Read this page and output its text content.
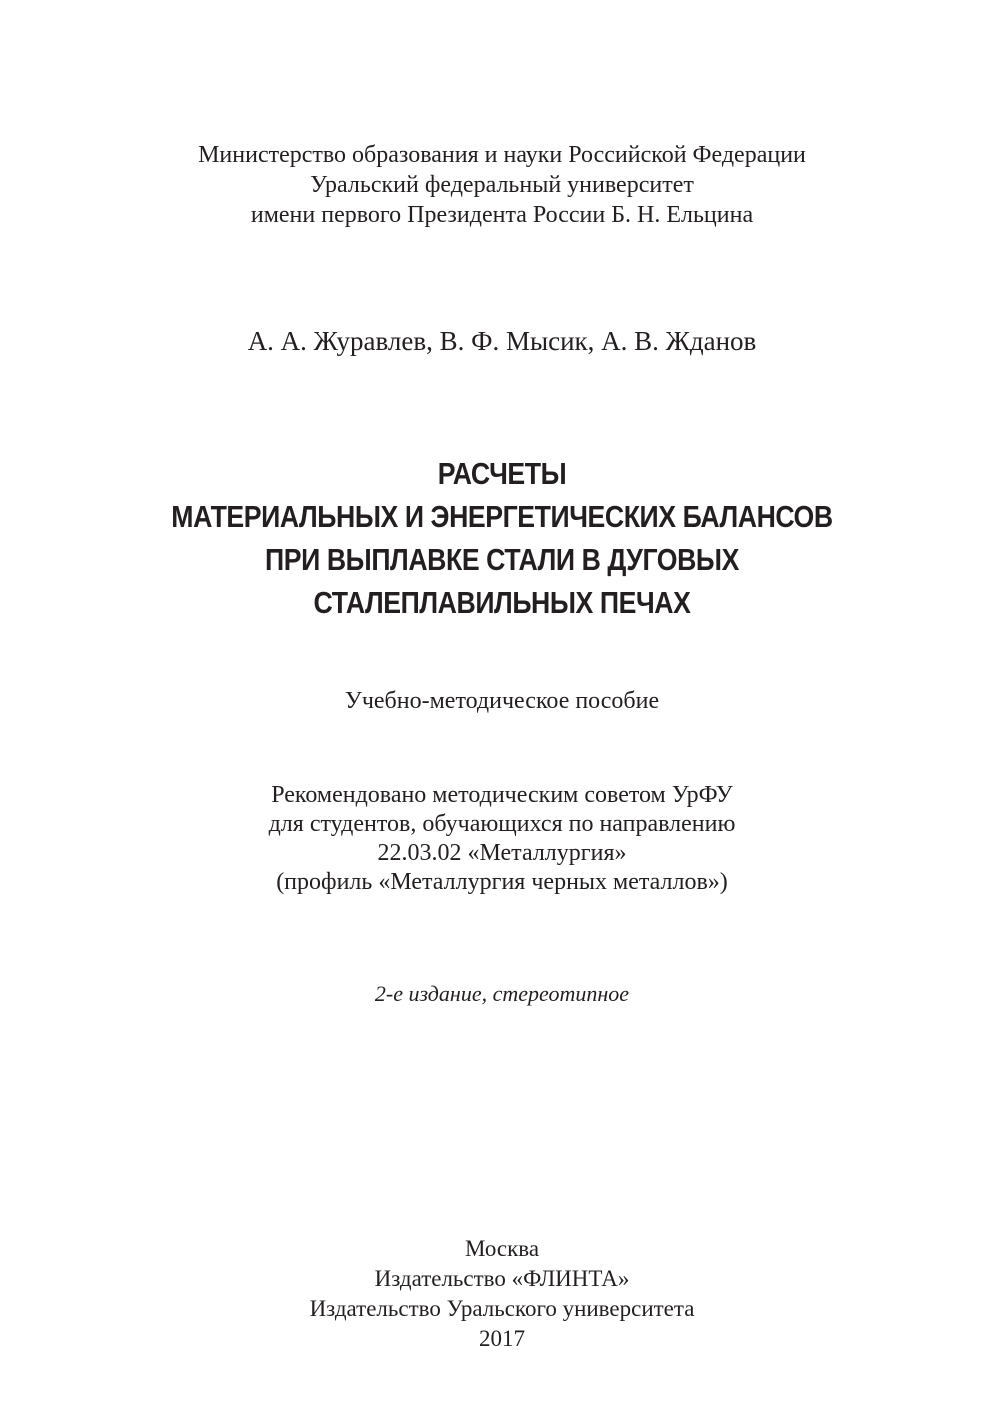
Министерство образования и науки Российской Федерации
Уральский федеральный университет
имени первого Президента России Б. Н. Ельцина
А. А. Журавлев, В. Ф. Мысик, А. В. Жданов
РАСЧЕТЫ
МАТЕРИАЛЬНЫХ И ЭНЕРГЕТИЧЕСКИХ БАЛАНСОВ
ПРИ ВЫПЛАВКЕ СТАЛИ В ДУГОВЫХ
СТАЛЕПЛАВИЛЬНЫХ ПЕЧАХ
Учебно-методическое пособие
Рекомендовано методическим советом УрФУ
для студентов, обучающихся по направлению
22.03.02 «Металлургия»
(профиль «Металлургия черных металлов»)
2-е издание, стереотипное
Москва
Издательство «ФЛИНТА»
Издательство Уральского университета
2017
